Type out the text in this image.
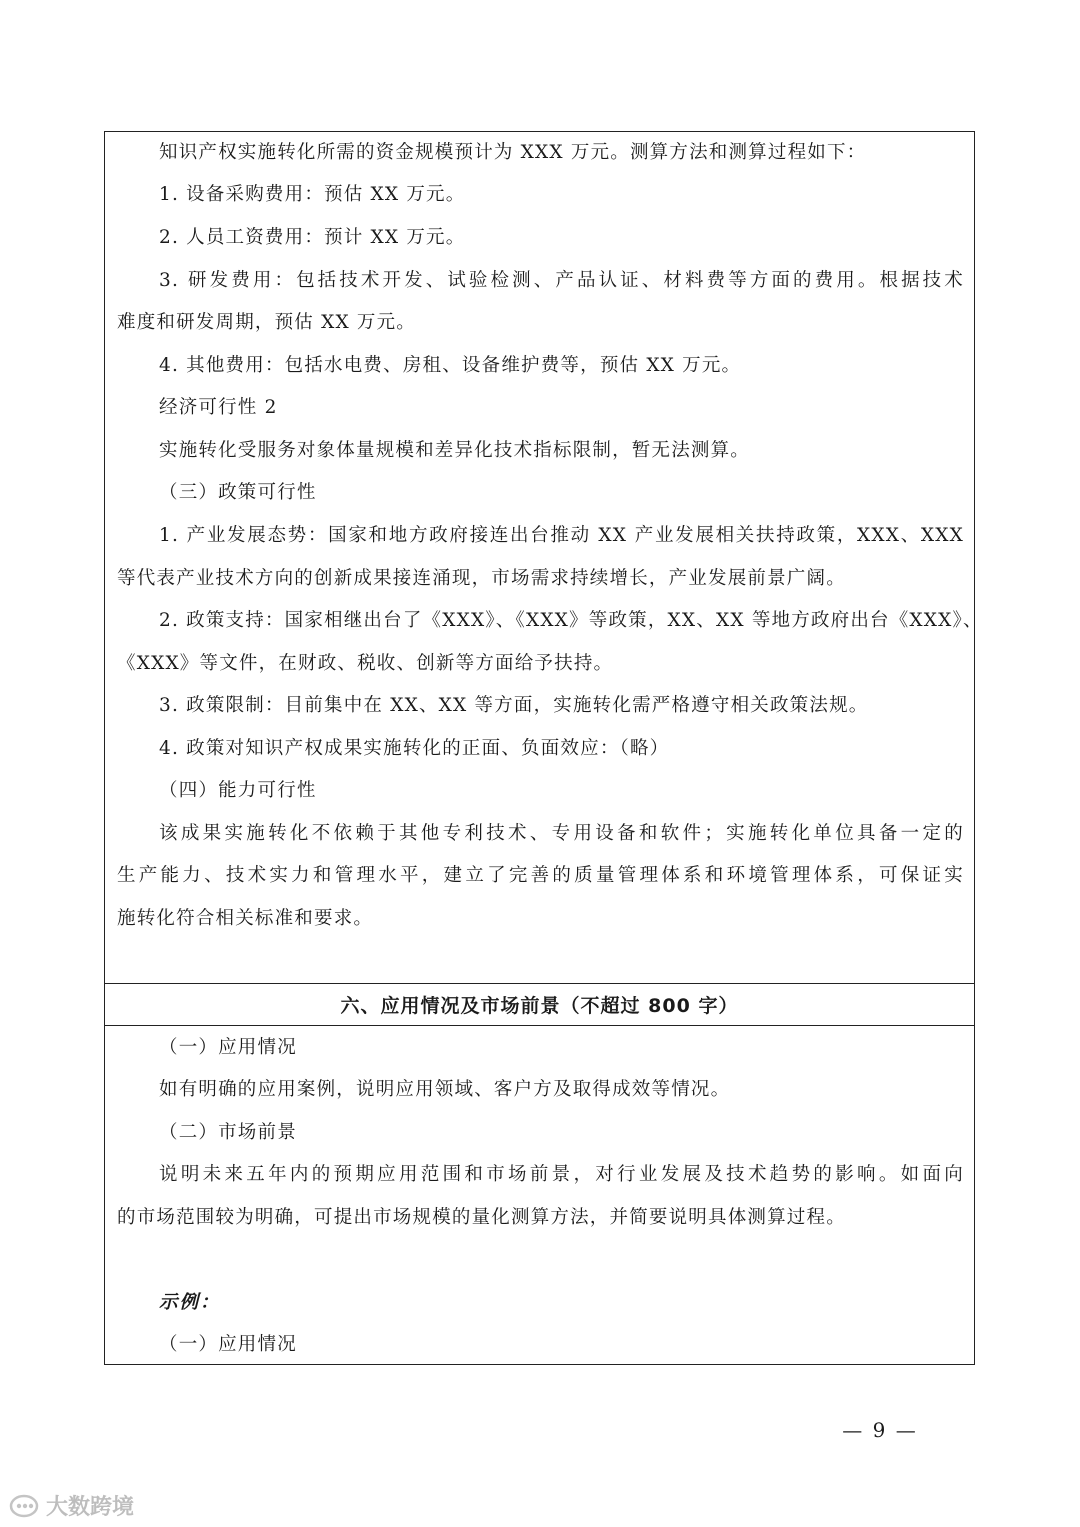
知识产权实施转化所需的资金规模预计为 XXX 万元。测算方法和测算过程如下：
1. 设备采购费用：预估 XX 万元。
2. 人员工资费用：预计 XX 万元。
3. 研发费用：包括技术开发、试验检测、产品认证、材料费等方面的费用。根据技术
难度和研发周期，预估 XX 万元。
4. 其他费用：包括水电费、房租、设备维护费等，预估 XX 万元。
经济可行性 2
实施转化受服务对象体量规模和差异化技术指标限制，暂无法测算。
（三）政策可行性
1. 产业发展态势：国家和地方政府接连出台推动 XX 产业发展相关扶持政策，XXX、XXX
等代表产业技术方向的创新成果接连涌现，市场需求持续增长，产业发展前景广阔。
2. 政策支持：国家相继出台了《XXX》、《XXX》等政策，XX、XX 等地方政府出台《XXX》、
《XXX》等文件，在财政、税收、创新等方面给予扶持。
3. 政策限制：目前集中在 XX、XX 等方面，实施转化需严格遵守相关政策法规。
4. 政策对知识产权成果实施转化的正面、负面效应：（略）
（四）能力可行性
该成果实施转化不依赖于其他专利技术、专用设备和软件；实施转化单位具备一定的
生产能力、技术实力和管理水平，建立了完善的质量管理体系和环境管理体系，可保证实
施转化符合相关标准和要求。
六、应用情况及市场前景（不超过 800 字）
（一）应用情况
如有明确的应用案例，说明应用领域、客户方及取得成效等情况。
（二）市场前景
说明未来五年内的预期应用范围和市场前景，对行业发展及技术趋势的影响。如面向
的市场范围较为明确，可提出市场规模的量化测算方法，并简要说明具体测算过程。
示例：
（一）应用情况
— 9 —
大数跨境
